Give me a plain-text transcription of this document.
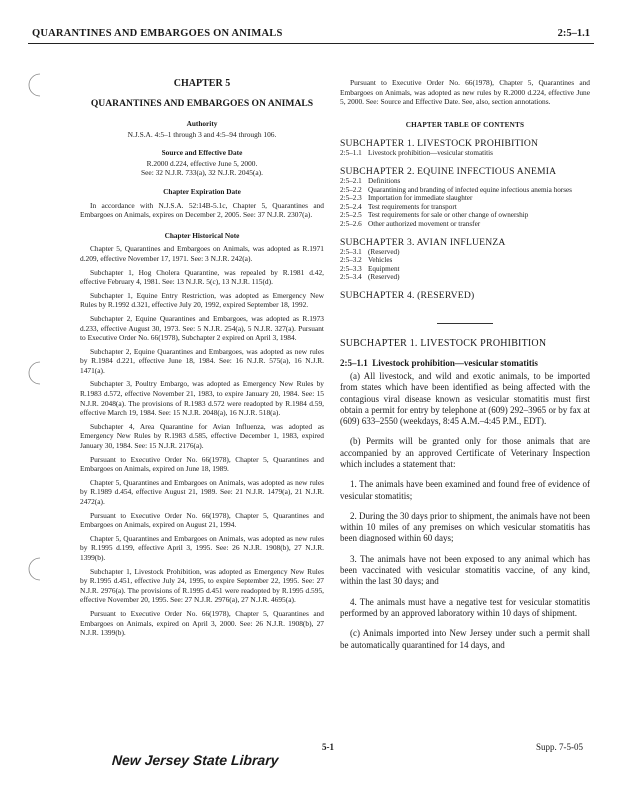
QUARANTINES AND EMBARGOES ON ANIMALS	2:5–1.1
CHAPTER 5
QUARANTINES AND EMBARGOES ON ANIMALS
Authority
N.J.S.A. 4:5–1 through 3 and 4:5–94 through 106.
Source and Effective Date
R.2000 d.224, effective June 5, 2000.
See: 32 N.J.R. 733(a), 32 N.J.R. 2045(a).
Chapter Expiration Date
In accordance with N.J.S.A. 52:14B-5.1c, Chapter 5, Quarantines and Embargoes on Animals, expires on December 2, 2005. See: 37 N.J.R. 2307(a).
Chapter Historical Note
Chapter 5, Quarantines and Embargoes on Animals, was adopted as R.1971 d.209, effective November 17, 1971. See: 3 N.J.R. 242(a).
Subchapter 1, Hog Cholera Quarantine, was repealed by R.1981 d.42, effective February 4, 1981. See: 13 N.J.R. 5(c), 13 N.J.R. 115(d).
Subchapter 1, Equine Entry Restriction, was adopted as Emergency New Rules by R.1992 d.321, effective July 20, 1992, expired September 18, 1992.
Subchapter 2, Equine Quarantines and Embargoes, was adopted as R.1973 d.233, effective August 30, 1973. See: 5 N.J.R. 254(a), 5 N.J.R. 327(a). Pursuant to Executive Order No. 66(1978), Subchapter 2 expired on April 3, 1984.
Subchapter 2, Equine Quarantines and Embargoes, was adopted as new rules by R.1984 d.221, effective June 18, 1984. See: 16 N.J.R. 575(a), 16 N.J.R. 1471(a).
Subchapter 3, Poultry Embargo, was adopted as Emergency New Rules by R.1983 d.572, effective November 21, 1983, to expire January 20, 1984. See: 15 N.J.R. 2048(a). The provisions of R.1983 d.572 were readopted by R.1984 d.59, effective March 19, 1984. See: 15 N.J.R. 2048(a), 16 N.J.R. 518(a).
Subchapter 4, Area Quarantine for Avian Influenza, was adopted as Emergency New Rules by R.1983 d.585, effective December 1, 1983, expired January 30, 1984. See: 15 N.J.R. 2176(a).
Pursuant to Executive Order No. 66(1978), Chapter 5, Quarantines and Embargoes on Animals, expired on June 18, 1989.
Chapter 5, Quarantines and Embargoes on Animals, was adopted as new rules by R.1989 d.454, effective August 21, 1989. See: 21 N.J.R. 1479(a), 21 N.J.R. 2472(a).
Pursuant to Executive Order No. 66(1978), Chapter 5, Quarantines and Embargoes on Animals, expired on August 21, 1994.
Chapter 5, Quarantines and Embargoes on Animals, was adopted as new rules by R.1995 d.199, effective April 3, 1995. See: 26 N.J.R. 1908(b), 27 N.J.R. 1399(b).
Subchapter 1, Livestock Prohibition, was adopted as Emergency New Rules by R.1995 d.451, effective July 24, 1995, to expire September 22, 1995. See: 27 N.J.R. 2976(a). The provisions of R.1995 d.451 were readopted by R.1995 d.595, effective November 20, 1995. See: 27 N.J.R. 2976(a), 27 N.J.R. 4695(a).
Pursuant to Executive Order No. 66(1978), Chapter 5, Quarantines and Embargoes on Animals, expired on April 3, 2000. See: 26 N.J.R. 1908(b), 27 N.J.R. 1399(b).
Pursuant to Executive Order No. 66(1978), Chapter 5, Quarantines and Embargoes on Animals, was adopted as new rules by R.2000 d.224, effective June 5, 2000. See: Source and Effective Date. See, also, section annotations.
CHAPTER TABLE OF CONTENTS
SUBCHAPTER 1. LIVESTOCK PROHIBITION
2:5–1.1 Livestock prohibition—vesicular stomatitis
SUBCHAPTER 2. EQUINE INFECTIOUS ANEMIA
2:5–2.1 Definitions
2:5–2.2 Quarantining and branding of infected equine infectious anemia horses
2:5–2.3 Importation for immediate slaughter
2:5–2.4 Test requirements for transport
2:5–2.5 Test requirements for sale or other change of ownership
2:5–2.6 Other authorized movement or transfer
SUBCHAPTER 3. AVIAN INFLUENZA
2:5–3.1 (Reserved)
2:5–3.2 Vehicles
2:5–3.3 Equipment
2:5–3.4 (Reserved)
SUBCHAPTER 4. (RESERVED)
SUBCHAPTER 1. LIVESTOCK PROHIBITION
2:5–1.1 Livestock prohibition—vesicular stomatitis
(a) All livestock, and wild and exotic animals, to be imported from states which have been identified as being affected with the contagious viral disease known as vesicular stomatitis must first obtain a permit for entry by telephone at (609) 292–3965 or by fax at (609) 633–2550 (weekdays, 8:45 A.M.–4:45 P.M., EDT).
(b) Permits will be granted only for those animals that are accompanied by an approved Certificate of Veterinary Inspection which includes a statement that:
1. The animals have been examined and found free of evidence of vesicular stomatitis;
2. During the 30 days prior to shipment, the animals have not been within 10 miles of any premises on which vesicular stomatitis has been diagnosed within 60 days;
3. The animals have not been exposed to any animal which has been vaccinated with vesicular stomatitis vaccine, of any kind, within the last 30 days; and
4. The animals must have a negative test for vesicular stomatitis performed by an approved laboratory within 10 days of shipment.
(c) Animals imported into New Jersey under such a permit shall be automatically quarantined for 14 days, and
New Jersey State Library
5-1	Supp. 7-5-05
